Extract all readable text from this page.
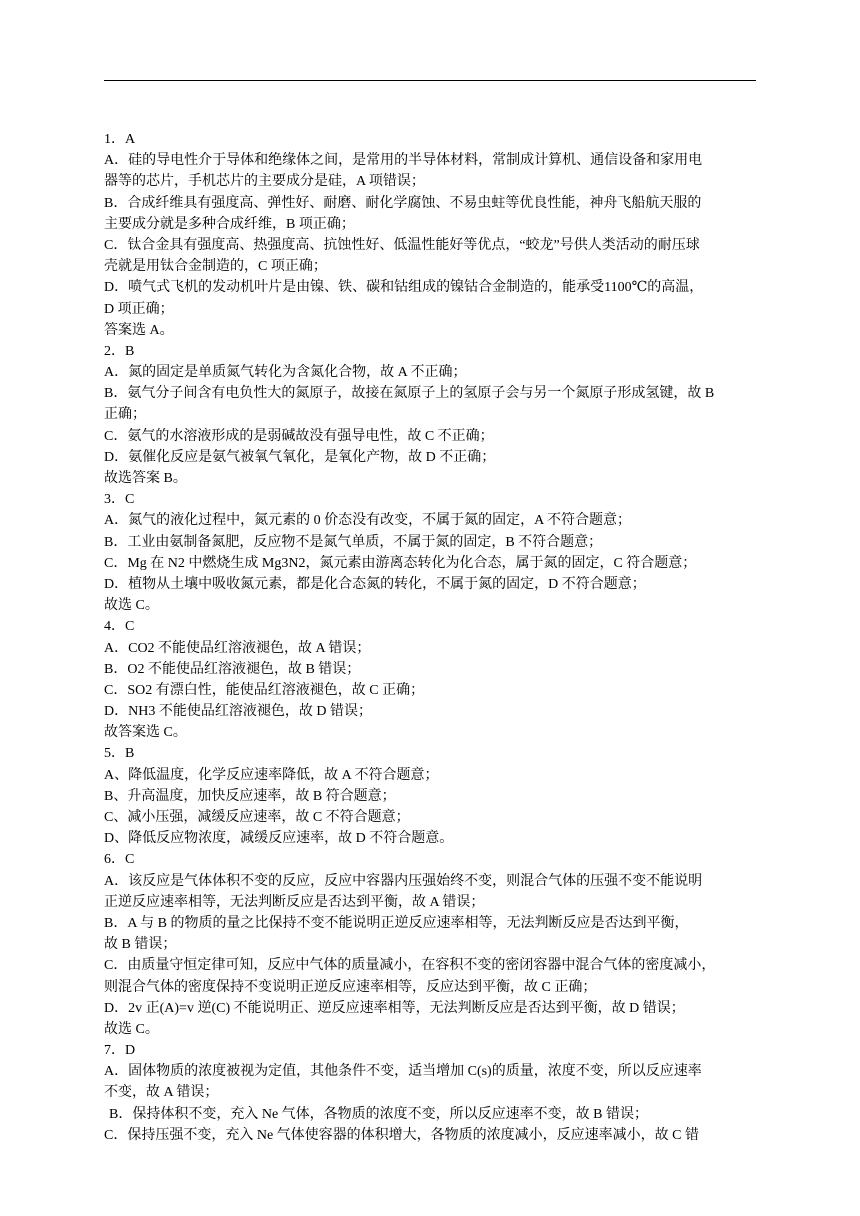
1．A
A．硅的导电性介于导体和绝缘体之间，是常用的半导体材料，常制成计算机、通信设备和家用电
器等的芯片，手机芯片的主要成分是硅，A 项错误；
B．合成纤维具有强度高、弹性好、耐磨、耐化学腐蚀、不易虫蛀等优良性能，神舟飞船航天服的
主要成分就是多种合成纤维，B 项正确；
C．钛合金具有强度高、热强度高、抗蚀性好、低温性能好等优点，“蛟龙”号供人类活动的耐压球
壳就是用钛合金制造的，C 项正确；
D．喷气式飞机的发动机叶片是由镍、铁、碳和钴组成的镍钴合金制造的，能承受1100℃的高温，
D 项正确；
答案选 A。
2．B
A．氮的固定是单质氮气转化为含氮化合物，故 A 不正确；
B．氨气分子间含有电负性大的氮原子，故接在氮原子上的氢原子会与另一个氮原子形成氢键，故 B
正确；
C．氨气的水溶液形成的是弱碱故没有强导电性，故 C 不正确；
D．氨催化反应是氨气被氧气氧化，是氧化产物，故 D 不正确；
故选答案 B。
3．C
A．氮气的液化过程中，氮元素的 0 价态没有改变，不属于氮的固定，A 不符合题意；
B．工业由氨制备氮肥，反应物不是氮气单质，不属于氮的固定，B 不符合题意；
C．Mg 在 N2 中燃烧生成 Mg3N2，氮元素由游离态转化为化合态，属于氮的固定，C 符合题意；
D．植物从土壤中吸收氮元素，都是化合态氮的转化，不属于氮的固定，D 不符合题意；
故选 C。
4．C
A．CO2 不能使品红溶液褪色，故 A 错误；
B．O2 不能使品红溶液褪色，故 B 错误；
C．SO2 有漂白性，能使品红溶液褪色，故 C 正确；
D．NH3 不能使品红溶液褪色，故 D 错误；
故答案选 C。
5．B
A、降低温度，化学反应速率降低，故 A 不符合题意；
B、升高温度，加快反应速率，故 B 符合题意；
C、减小压强，减缓反应速率，故 C 不符合题意；
D、降低反应物浓度，减缓反应速率，故 D 不符合题意。
6．C
A．该反应是气体体积不变的反应，反应中容器内压强始终不变，则混合气体的压强不变不能说明
正逆反应速率相等，无法判断反应是否达到平衡，故 A 错误；
B．A 与 B 的物质的量之比保持不变不能说明正逆反应速率相等，无法判断反应是否达到平衡，
故 B 错误；
C．由质量守恒定律可知，反应中气体的质量减小，在容积不变的密闭容器中混合气体的密度减小，
则混合气体的密度保持不变说明正逆反应速率相等，反应达到平衡，故 C 正确；
D．2v 正(A)=v 逆(C) 不能说明正、逆反应速率相等，无法判断反应是否达到平衡，故 D 错误；
故选 C。
7．D
A．固体物质的浓度被视为定值，其他条件不变，适当增加 C(s)的质量，浓度不变，所以反应速率
不变，故 A 错误；
B．保持体积不变，充入 Ne 气体，各物质的浓度不变，所以反应速率不变，故 B 错误；
C．保持压强不变，充入 Ne 气体使容器的体积增大，各物质的浓度减小，反应速率减小，故 C 错
